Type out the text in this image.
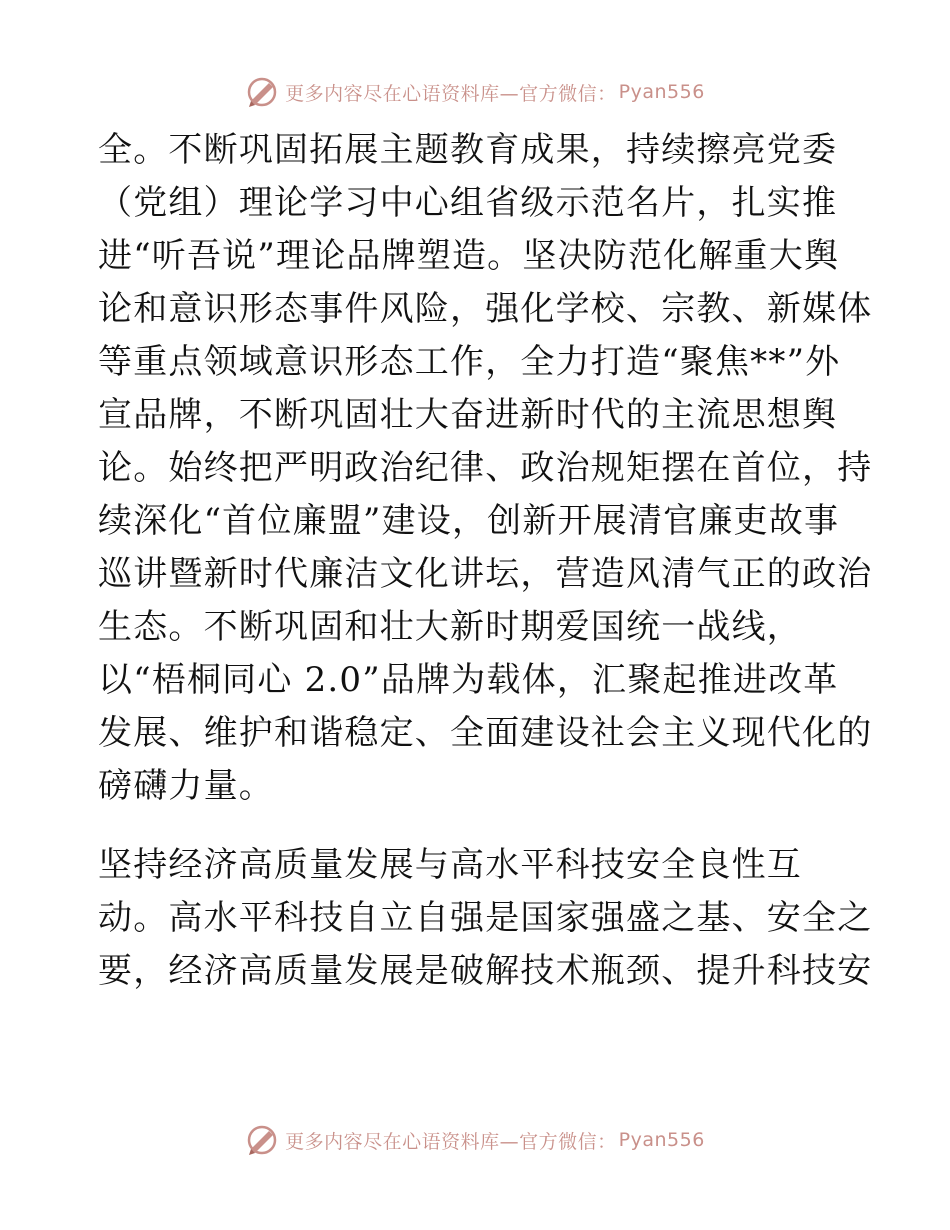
更多内容尽在心语资料库—官方微信： Pyan556
全。不断巩固拓展主题教育成果，持续擦亮党委
（党组）理论学习中心组省级示范名片，扎实推
进“听吾说”理论品牌塑造。坚决防范化解重大舆
论和意识形态事件风险，强化学校、宗教、新媒体
等重点领域意识形态工作，全力打造“聚焦**”外
宣品牌，不断巩固壮大奋进新时代的主流思想舆
论。始终把严明政治纪律、政治规矩摆在首位，持
续深化“首位廉盟”建设，创新开展清官廉吏故事
巡讲暨新时代廉洁文化讲坛，营造风清气正的政治
生态。不断巩固和壮大新时期爱国统一战线，
以“梧桐同心 2.0”品牌为载体，汇聚起推进改革
发展、维护和谐稳定、全面建设社会主义现代化的
磅礴力量。
坚持经济高质量发展与高水平科技安全良性互
动。高水平科技自立自强是国家强盛之基、安全之
要，经济高质量发展是破解技术瓶颈、提升科技安
更多内容尽在心语资料库—官方微信： Pyan556
